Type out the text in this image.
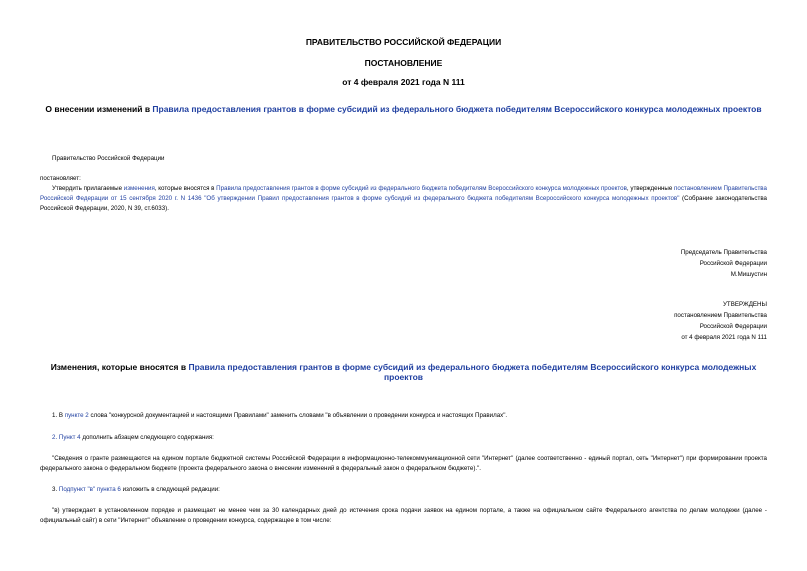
ПРАВИТЕЛЬСТВО РОССИЙСКОЙ ФЕДЕРАЦИИ
ПОСТАНОВЛЕНИЕ
от 4 февраля 2021 года N 111
О внесении изменений в Правила предоставления грантов в форме субсидий из федерального бюджета победителям Всероссийского конкурса молодежных проектов
Правительство Российской Федерации
постановляет:
Утвердить прилагаемые изменения, которые вносятся в Правила предоставления грантов в форме субсидий из федерального бюджета победителям Всероссийского конкурса молодежных проектов, утвержденные постановлением Правительства Российской Федерации от 15 сентября 2020 г. N 1436 "Об утверждении Правил предоставления грантов в форме субсидий из федерального бюджета победителям Всероссийского конкурса молодежных проектов" (Собрание законодательства Российской Федерации, 2020, N 39, ст.6033).
Председатель Правительства
Российской Федерации
М.Мишустин
УТВЕРЖДЕНЫ
постановлением Правительства
Российской Федерации
от 4 февраля 2021 года N 111
Изменения, которые вносятся в Правила предоставления грантов в форме субсидий из федерального бюджета победителям Всероссийского конкурса молодежных проектов
1. В пункте 2 слова "конкурсной документацией и настоящими Правилами" заменить словами "в объявлении о проведении конкурса и настоящих Правилах".
2. Пункт 4 дополнить абзацем следующего содержания:
"Сведения о гранте размещаются на едином портале бюджетной системы Российской Федерации в информационно-телекоммуникационной сети "Интернет" (далее соответственно - единый портал, сеть "Интернет") при формировании проекта федерального закона о федеральном бюджете (проекта федерального закона о внесении изменений в федеральный закон о федеральном бюджете).".
3. Подпункт "в" пункта 6 изложить в следующей редакции:
"в) утверждает в установленном порядке и размещает не менее чем за 30 календарных дней до истечения срока подачи заявок на едином портале, а также на официальном сайте Федерального агентства по делам молодежи (далее - официальный сайт) в сети "Интернет" объявление о проведении конкурса, содержащее в том числе:
